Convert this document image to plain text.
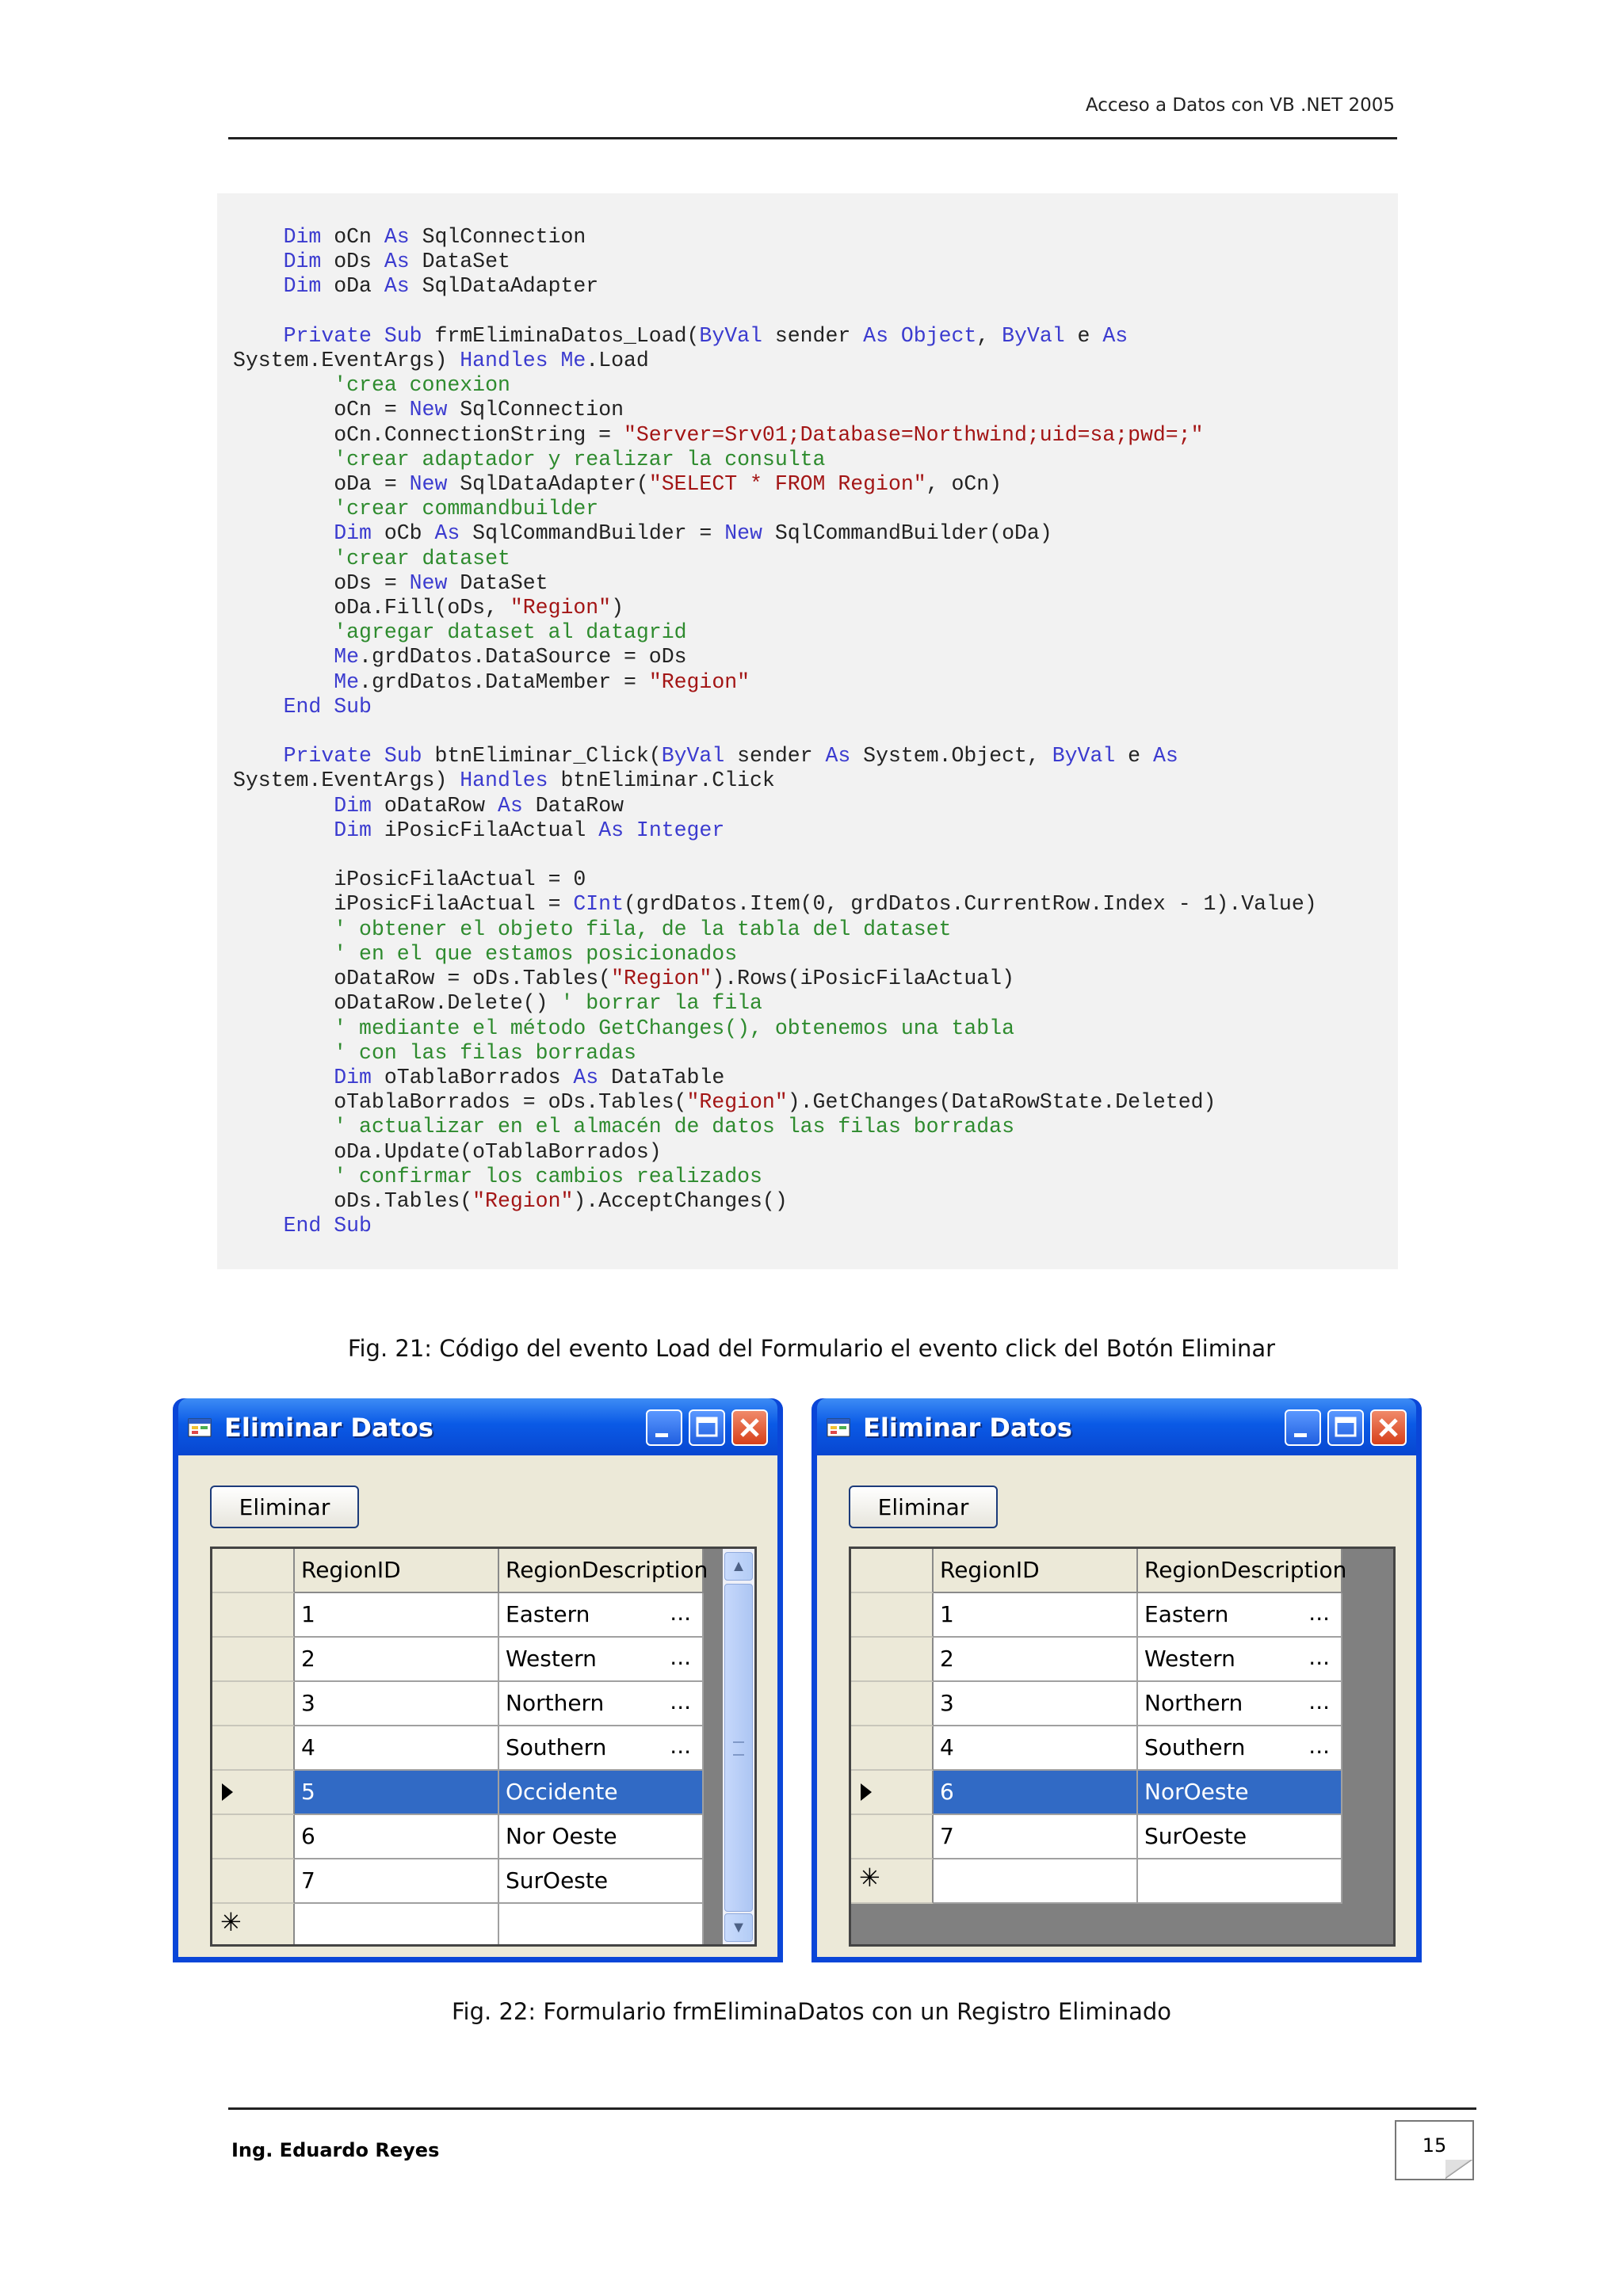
Acceso a Datos con VB .NET 2005
Dim oCn As SqlConnection
Dim oDs As DataSet
Dim oDa As SqlDataAdapter

Private Sub frmEliminaDatos_Load(ByVal sender As Object, ByVal e As
System.EventArgs) Handles Me.Load
'crea conexion
oCn = New SqlConnection
oCn.ConnectionString = "Server=Srv01;Database=Northwind;uid=sa;pwd=;"
'crear adaptador y realizar la consulta
oDa = New SqlDataAdapter("SELECT * FROM Region", oCn)
'crear commandbuilder
Dim oCb As SqlCommandBuilder = New SqlCommandBuilder(oDa)
'crear dataset
oDs = New DataSet
oDa.Fill(oDs, "Region")
'agregar dataset al datagrid
Me.grdDatos.DataSource = oDs
Me.grdDatos.DataMember = "Region"
End Sub

Private Sub btnEliminar_Click(ByVal sender As System.Object, ByVal e As
System.EventArgs) Handles btnEliminar.Click
Dim oDataRow As DataRow
Dim iPosicFilaActual As Integer

iPosicFilaActual = 0
iPosicFilaActual = CInt(grdDatos.Item(0, grdDatos.CurrentRow.Index - 1).Value)
' obtener el objeto fila, de la tabla del dataset
' en el que estamos posicionados
oDataRow = oDs.Tables("Region").Rows(iPosicFilaActual)
oDataRow.Delete() ' borrar la fila
' mediante el método GetChanges(), obtenemos una tabla
' con las filas borradas
Dim oTablaBorrados As DataTable
oTablaBorrados = oDs.Tables("Region").GetChanges(DataRowState.Deleted)
' actualizar en el almacén de datos las filas borradas
oDa.Update(oTablaBorrados)
' confirmar los cambios realizados
oDs.Tables("Region").AcceptChanges()
End Sub

Fig. 21: Código del evento Load del Formulario el evento click del Botón Eliminar
Eliminar Datos
Eliminar
RegionID	RegionDescription
1	Eastern	...
2	Western	...
3	Northern	...
4	Southern	...
5	Occidente
6	Nor Oeste
7	SurOeste
✳
▲
▼
Eliminar Datos
Eliminar
RegionID	RegionDescription
1	Eastern	...
2	Western	...
3	Northern	...
4	Southern	...
6	NorOeste
7	SurOeste
✳
Fig. 22: Formulario frmEliminaDatos con un Registro Eliminado
Ing. Eduardo Reyes	15
